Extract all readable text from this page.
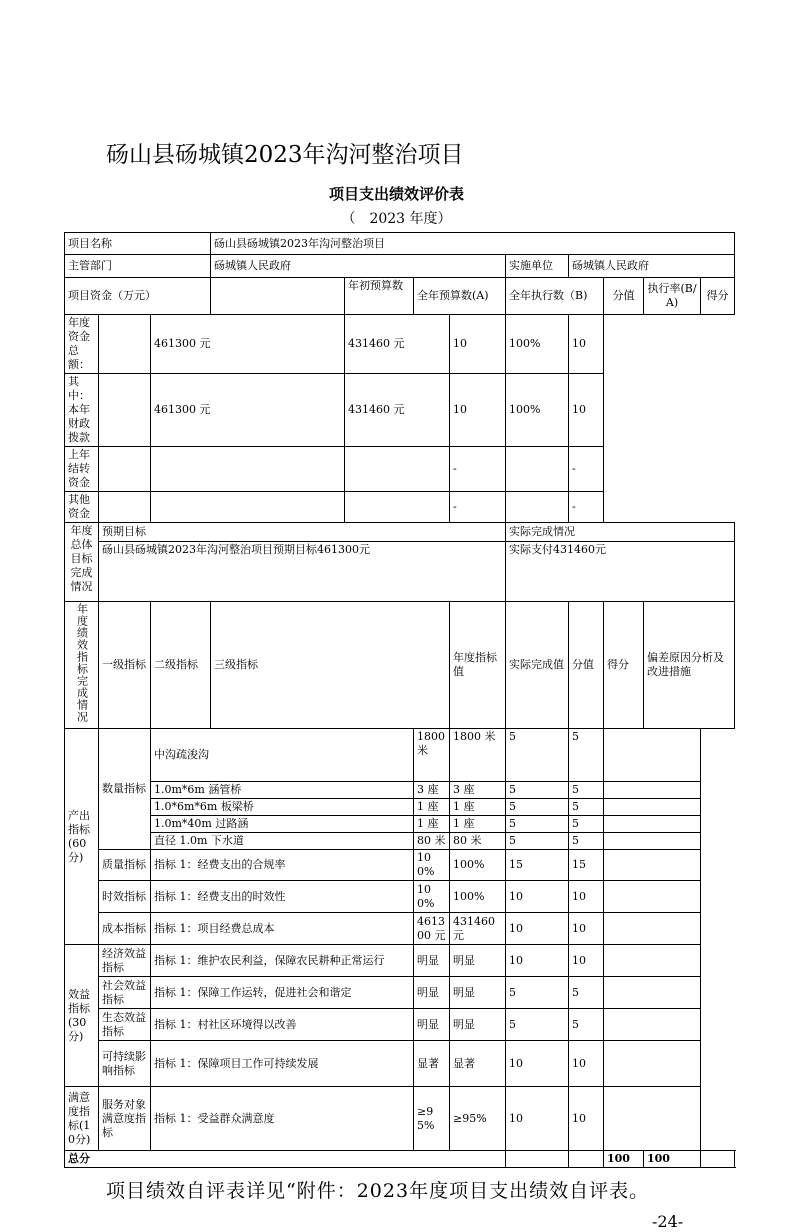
砀山县砀城镇2023年沟河整治项目
项目支出绩效评价表
（　2023 年度）
项目名称			砀山县砀城镇2023年沟河整治项目								
主管部门			砀城镇人民政府				实施单位	砀城镇人民政府			
项目资金（万元）				年初预算数	全年预算数(A)		全年执行数（B)		分值	执行率(B/A)	得分
年度资金总额：		461300 元		431460 元		10	100%	10			
其中：本年财政拨款		461300 元		431460 元		10	100%	10			
上年结转资金						-		-			
其他资金						-		-			
年度总体目标完成情况	预期目标						实际完成情况				
	砀山县砀城镇2023年沟河整治项目预期目标461300元						实际支付431460元				
年度绩效指标完成情况	一级指标	二级指标	三级指标			年度指标值	实际完成值	分值	得分	偏差原因分析及改进措施	
产出指标(60分)	数量指标	中沟疏浚沟			1800 米	1800 米	5	5			
		1.0m*6m 涵管桥			3 座	3 座	5	5			
		1.0*6m*6m 板梁桥			1 座	1 座	5	5			
		1.0m*40m 过路涵			1 座	1 座	5	5			
		直径 1.0m 下水道			80 米	80 米	5	5			
	质量指标	指标 1：经费支出的合规率			100%	100%	15	15			
	时效指标	指标 1：经费支出的时效性			100%	100%	10	10			
	成本指标	指标 1：项目经费总成本			461300 元	431460 元	10	10			
效益指标(30分)	经济效益指标	指标 1：维护农民利益，保障农民耕种正常运行			明显	明显	10	10			
	社会效益指标	指标 1：保障工作运转，促进社会和谐定			明显	明显	5	5			
	生态效益指标	指标 1：村社区环境得以改善			明显	明显	5	5			
	可持续影响指标	指标 1：保障项目工作可持续发展			显著	显著	10	10			
满意度指标(10分)	服务对象满意度指标	指标 1：受益群众满意度			≥95%	≥95%	10	10			
总分									100	100	
项目绩效自评表详见“附件：2023年度项目支出绩效自评表。
-24-
